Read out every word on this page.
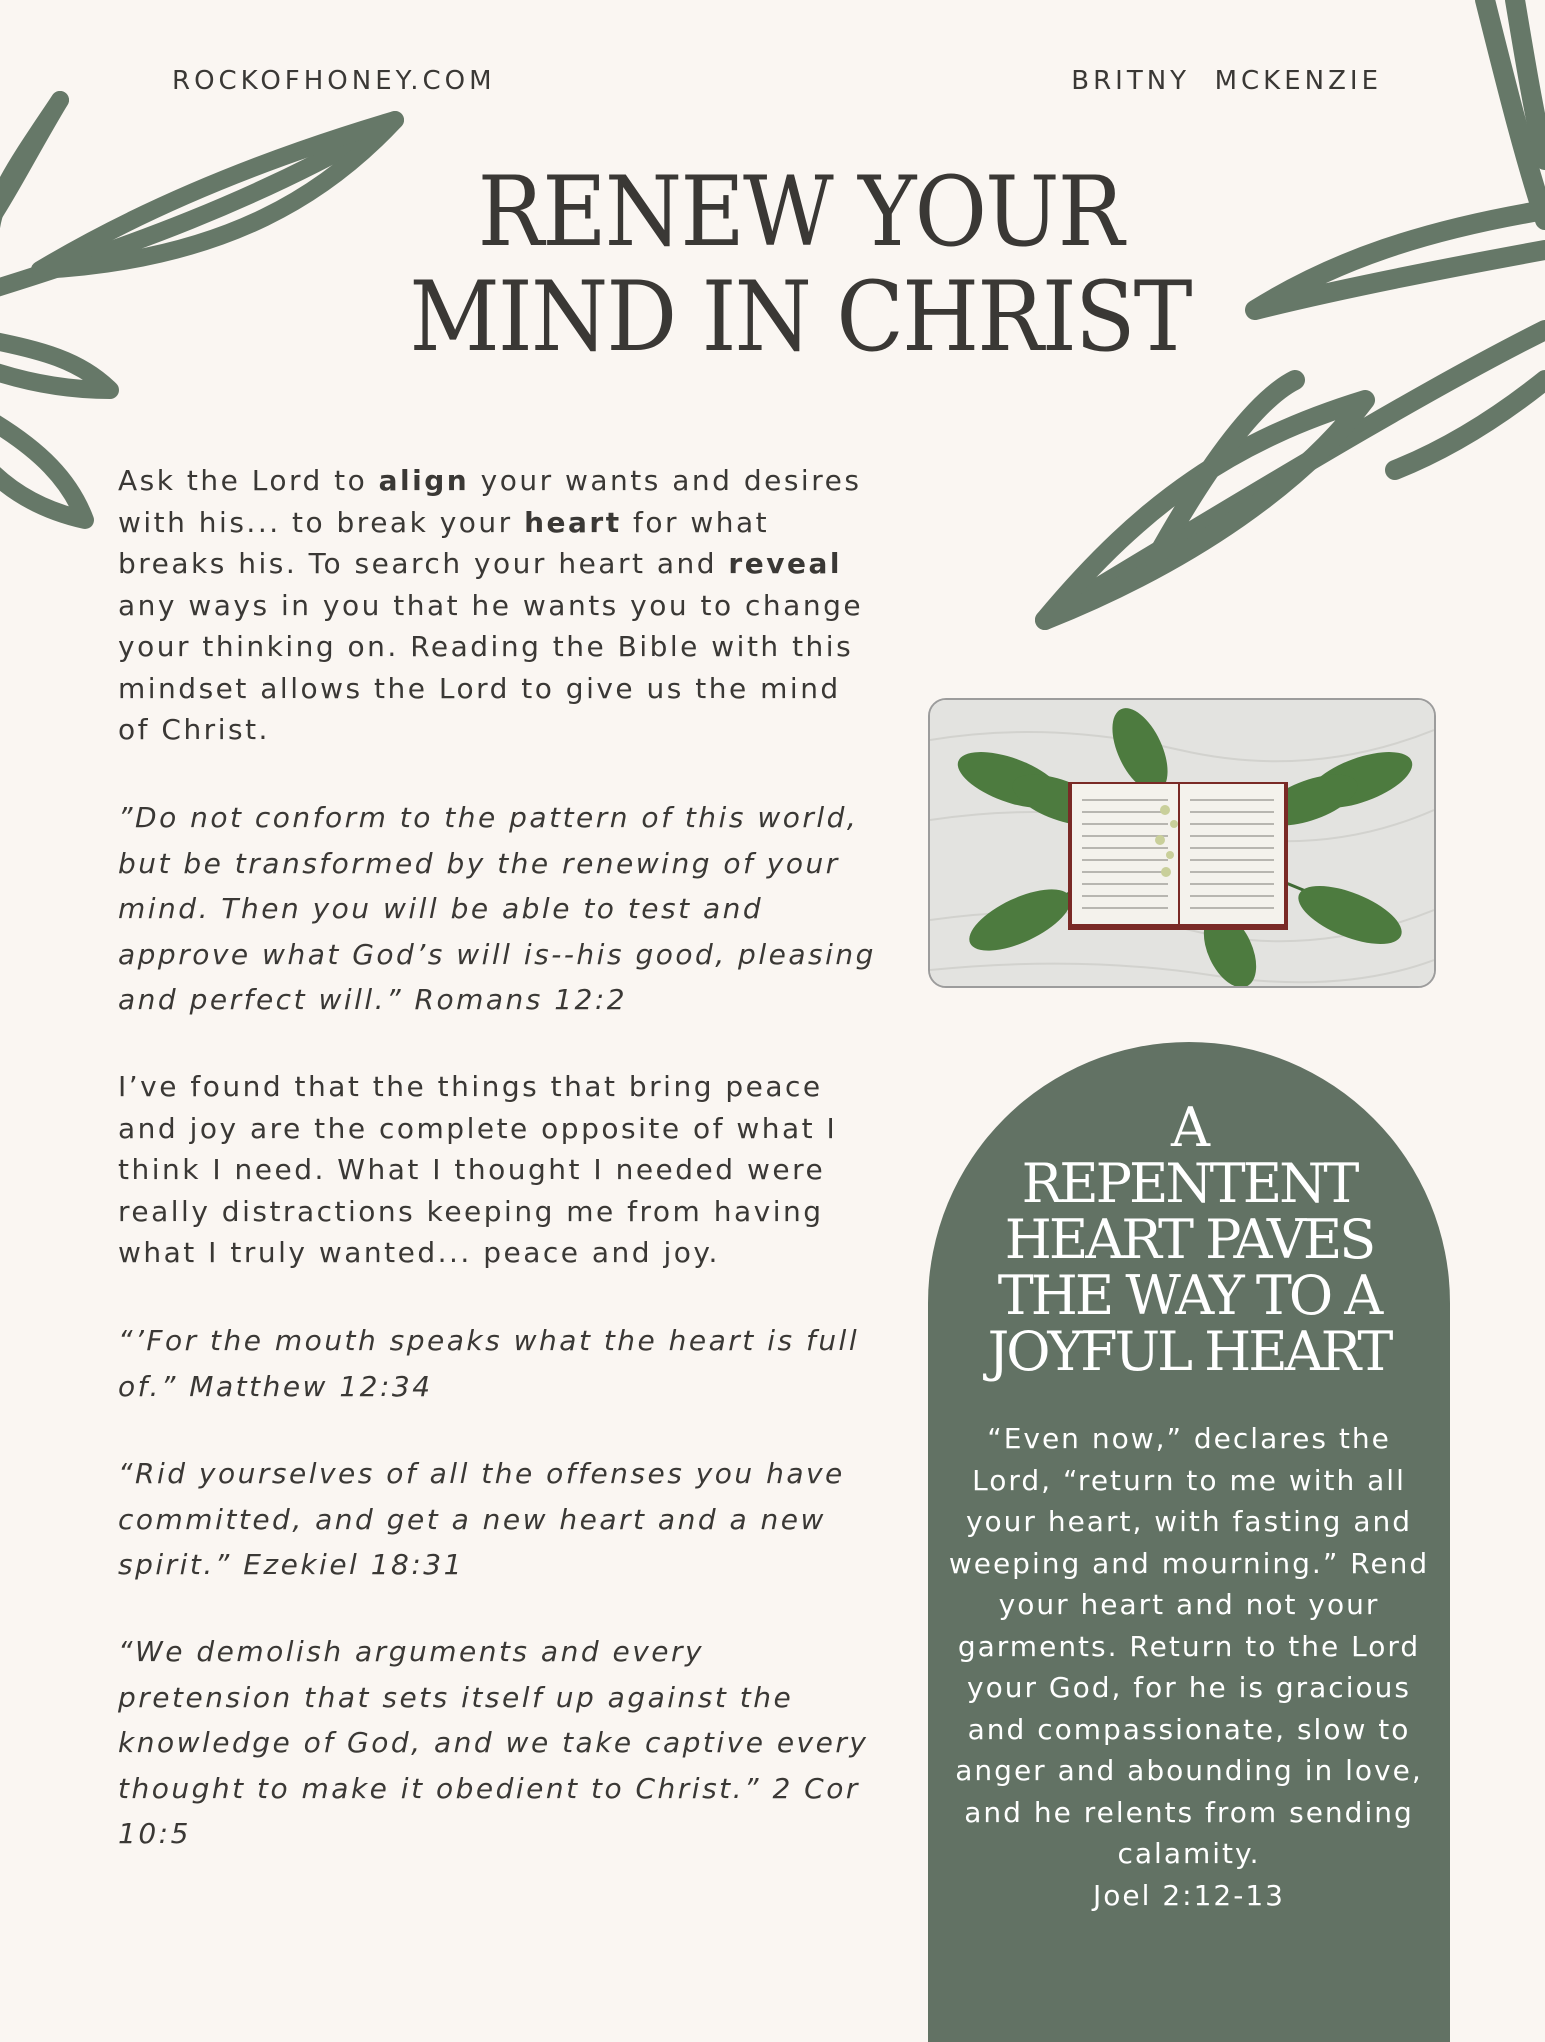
ROCKOFHONEY.COM	BRITNY  MCKENZIE
RENEW YOUR
MIND IN CHRIST

Ask the Lord to align your wants and desires with his... to break your heart for what breaks his. To search your heart and reveal any ways in you that he wants you to change your thinking on. Reading the Bible with this mindset allows the Lord to give us the mind of Christ.

”Do not conform to the pattern of this world, but be transformed by the renewing of your mind. Then you will be able to test and approve what God’s will is--his good, pleasing and perfect will.” Romans 12:2

I’ve found that the things that bring peace and joy are the complete opposite of what I think I need. What I thought I needed were really distractions keeping me from having what I truly wanted... peace and joy.

“’For the mouth speaks what the heart is full of.” Matthew 12:34

“Rid yourselves of all the offenses you have committed, and get a new heart and a new spirit.” Ezekiel 18:31

“We demolish arguments and every pretension that sets itself up against the knowledge of God, and we take captive every thought to make it obedient to Christ.” 2 Cor 10:5

A
REPENTENT
HEART PAVES
THE WAY TO A
JOYFUL HEART
“Even now,” declares the Lord, “return to me with all your heart, with fasting and weeping and mourning.” Rend your heart and not your garments. Return to the Lord your God, for he is gracious and compassionate, slow to anger and abounding in love, and he relents from sending calamity.
Joel 2:12-13
